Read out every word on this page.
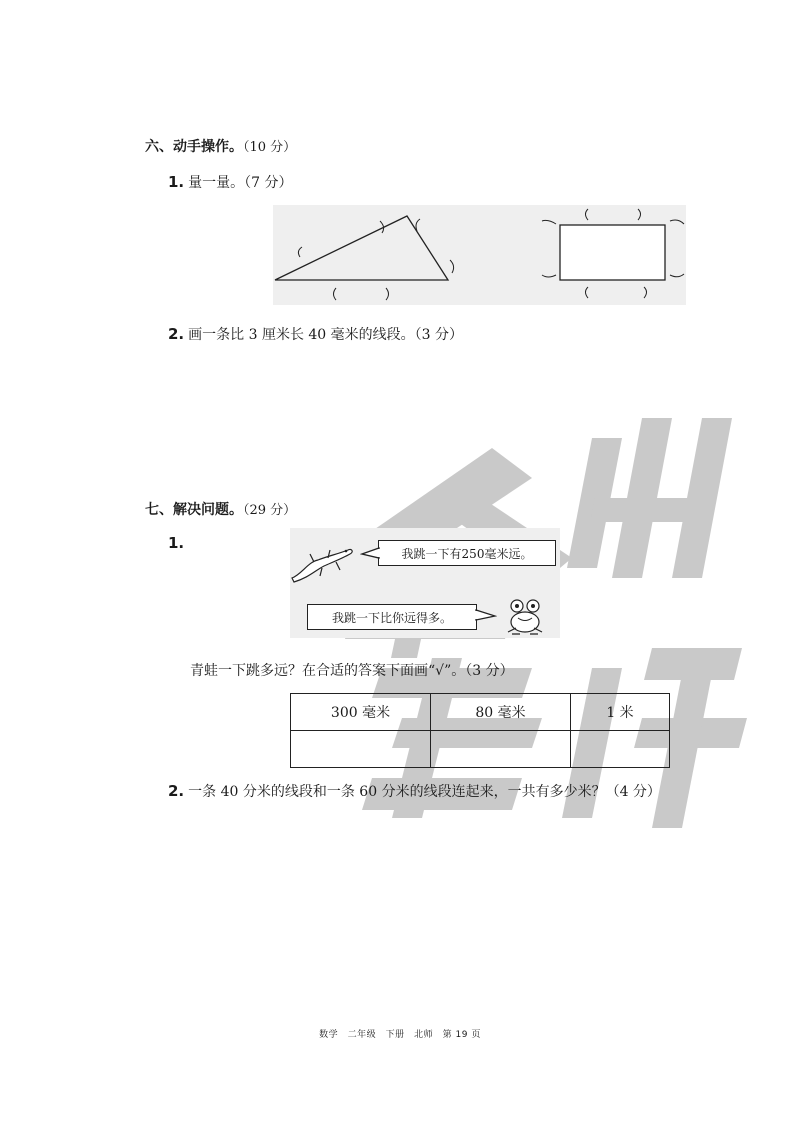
六、动手操作。（10 分）
1. 量一量。（7 分）
2. 画一条比 3 厘米长 40 毫米的线段。（3 分）
七、解决问题。（29 分）
1.
我跳一下有250毫米远。
我跳一下比你远得多。
青蛙一下跳多远？在合适的答案下面画“√”。（3 分）
300 毫米	80 毫米	1 米

2. 一条 40 分米的线段和一条 60 分米的线段连起来，一共有多少米？（4 分）
数学　二年级　下册　北师　第 19 页
